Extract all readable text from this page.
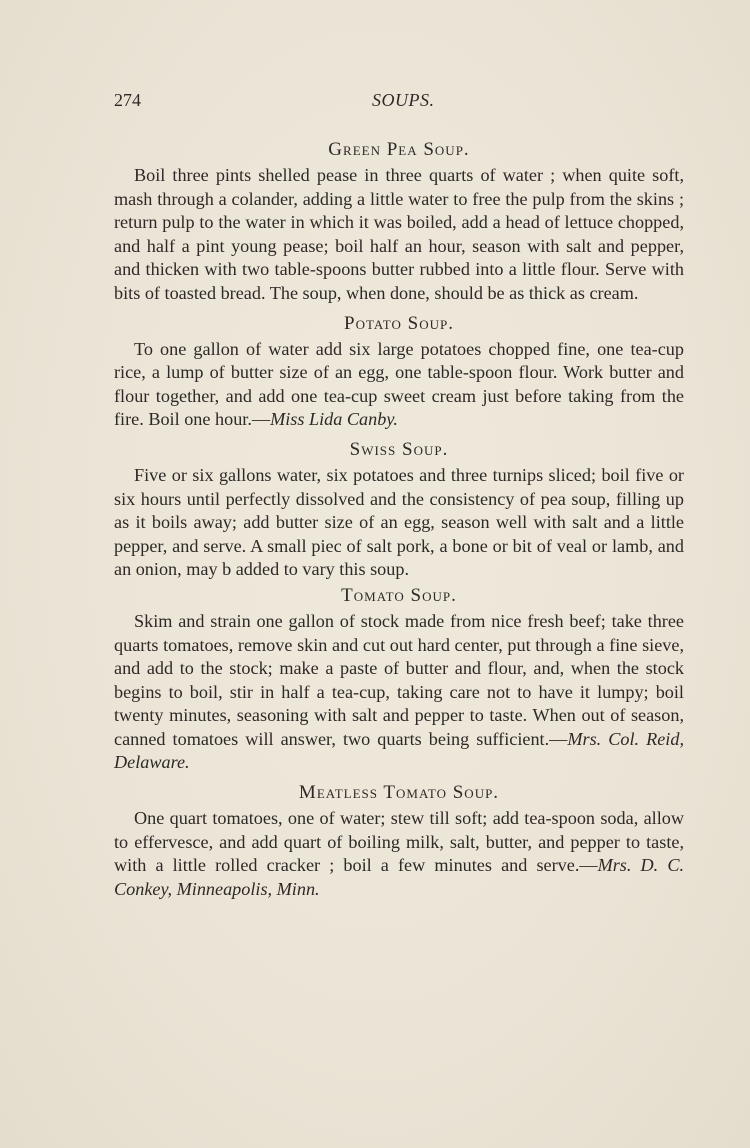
274	SOUPS.
Green Pea Soup.

Boil three pints shelled pease in three quarts of water ; when quite soft, mash through a colander, adding a little water to free the pulp from the skins ; return pulp to the water in which it was boiled, add a head of lettuce chopped, and half a pint young pease; boil half an hour, season with salt and pepper, and thicken with two table-spoons butter rubbed into a little flour. Serve with bits of toasted bread. The soup, when done, should be as thick as cream.

Potato Soup.

To one gallon of water add six large potatoes chopped fine, one tea-cup rice, a lump of butter size of an egg, one table-spoon flour. Work butter and flour together, and add one tea-cup sweet cream just before taking from the fire. Boil one hour.—Miss Lida Canby.

Swiss Soup.

Five or six gallons water, six potatoes and three turnips sliced; boil five or six hours until perfectly dissolved and the consistency of pea soup, filling up as it boils away; add butter size of an egg, season well with salt and a little pepper, and serve. A small piec of salt pork, a bone or bit of veal or lamb, and an onion, may b added to vary this soup.

Tomato Soup.

Skim and strain one gallon of stock made from nice fresh beef; take three quarts tomatoes, remove skin and cut out hard center, put through a fine sieve, and add to the stock; make a paste of butter and flour, and, when the stock begins to boil, stir in half a tea-cup, taking care not to have it lumpy; boil twenty minutes, seasoning with salt and pepper to taste. When out of season, canned tomatoes will answer, two quarts being sufficient.—Mrs. Col. Reid, Delaware.

Meatless Tomato Soup.

One quart tomatoes, one of water; stew till soft; add tea-spoon soda, allow to effervesce, and add quart of boiling milk, salt, butter, and pepper to taste, with a little rolled cracker ; boil a few minutes and serve.—Mrs. D. C. Conkey, Minneapolis, Minn.
